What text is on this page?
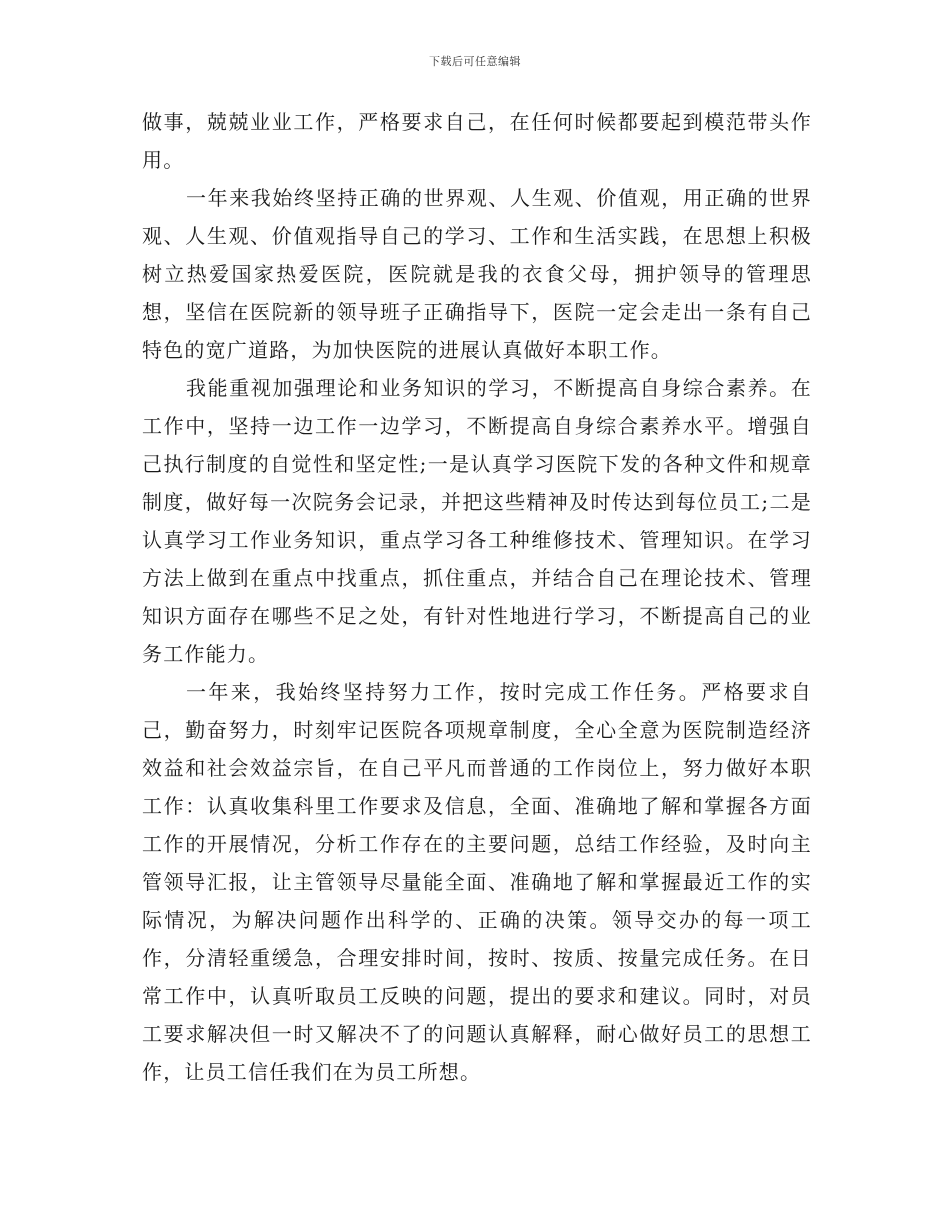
下载后可任意编辑

做事，兢兢业业工作，严格要求自己，在任何时候都要起到模范带头作用。

一年来我始终坚持正确的世界观、人生观、价值观，用正确的世界观、人生观、价值观指导自己的学习、工作和生活实践，在思想上积极树立热爱国家热爱医院，医院就是我的衣食父母，拥护领导的管理思想，坚信在医院新的领导班子正确指导下，医院一定会走出一条有自己特色的宽广道路，为加快医院的进展认真做好本职工作。

我能重视加强理论和业务知识的学习，不断提高自身综合素养。在工作中，坚持一边工作一边学习，不断提高自身综合素养水平。增强自己执行制度的自觉性和坚定性;一是认真学习医院下发的各种文件和规章制度，做好每一次院务会记录，并把这些精神及时传达到每位员工;二是认真学习工作业务知识，重点学习各工种维修技术、管理知识。在学习方法上做到在重点中找重点，抓住重点，并结合自己在理论技术、管理知识方面存在哪些不足之处，有针对性地进行学习，不断提高自己的业务工作能力。

一年来，我始终坚持努力工作，按时完成工作任务。严格要求自己，勤奋努力，时刻牢记医院各项规章制度，全心全意为医院制造经济效益和社会效益宗旨，在自己平凡而普通的工作岗位上，努力做好本职工作：认真收集科里工作要求及信息，全面、准确地了解和掌握各方面工作的开展情况，分析工作存在的主要问题，总结工作经验，及时向主管领导汇报，让主管领导尽量能全面、准确地了解和掌握最近工作的实际情况，为解决问题作出科学的、正确的决策。领导交办的每一项工作，分清轻重缓急，合理安排时间，按时、按质、按量完成任务。在日常工作中，认真听取员工反映的问题，提出的要求和建议。同时，对员工要求解决但一时又解决不了的问题认真解释，耐心做好员工的思想工作，让员工信任我们在为员工所想。
